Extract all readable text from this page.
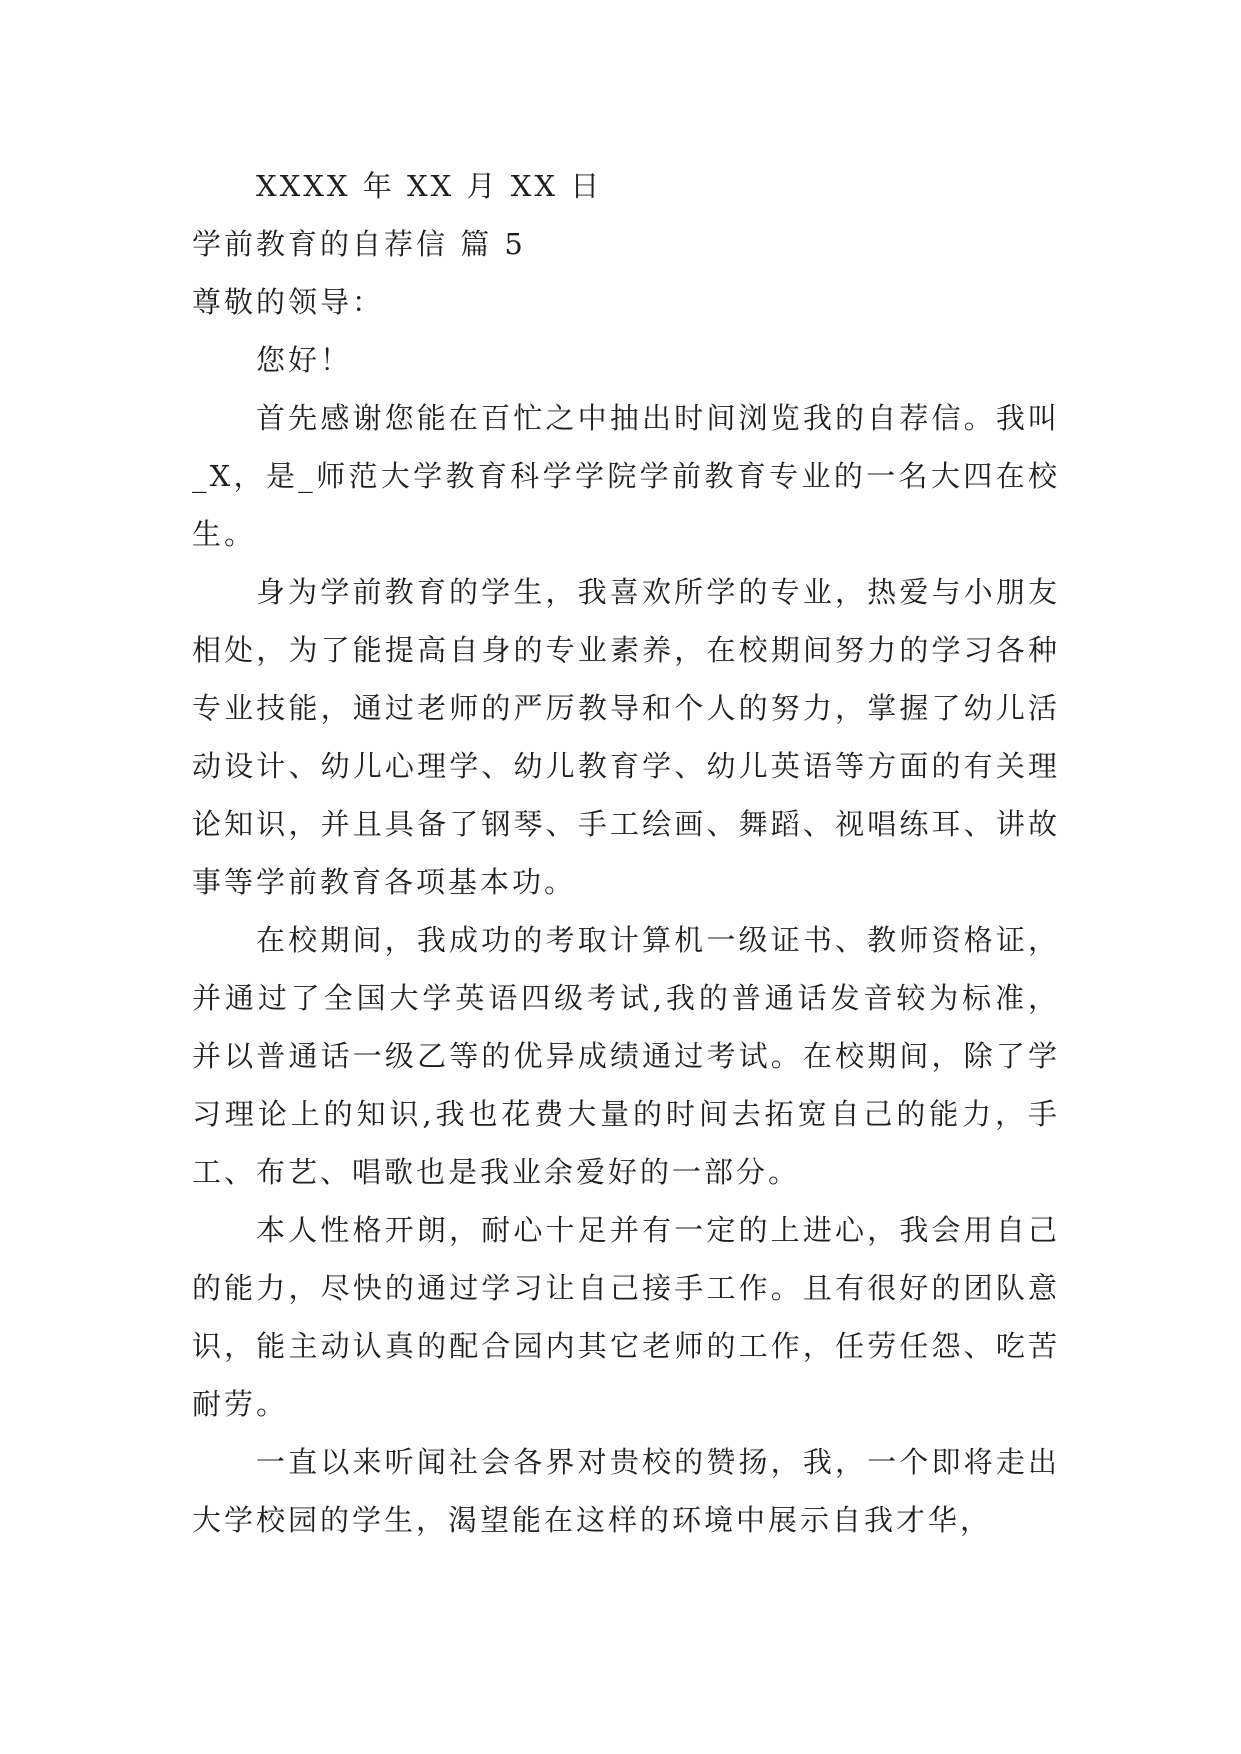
XXXX 年 XX 月 XX 日

学前教育的自荐信 篇 5

尊敬的领导：

您好！

首先感谢您能在百忙之中抽出时间浏览我的自荐信。我叫_X，是_师范大学教育科学学院学前教育专业的一名大四在校生。

身为学前教育的学生，我喜欢所学的专业，热爱与小朋友相处，为了能提高自身的专业素养，在校期间努力的学习各种专业技能，通过老师的严厉教导和个人的努力，掌握了幼儿活动设计、幼儿心理学、幼儿教育学、幼儿英语等方面的有关理论知识，并且具备了钢琴、手工绘画、舞蹈、视唱练耳、讲故事等学前教育各项基本功。

在校期间，我成功的考取计算机一级证书、教师资格证，并通过了全国大学英语四级考试,我的普通话发音较为标准，并以普通话一级乙等的优异成绩通过考试。在校期间，除了学习理论上的知识,我也花费大量的时间去拓宽自己的能力，手工、布艺、唱歌也是我业余爱好的一部分。

本人性格开朗，耐心十足并有一定的上进心，我会用自己的能力，尽快的通过学习让自己接手工作。且有很好的团队意识，能主动认真的配合园内其它老师的工作，任劳任怨、吃苦耐劳。

一直以来听闻社会各界对贵校的赞扬，我，一个即将走出大学校园的学生，渴望能在这样的环境中展示自我才华，
